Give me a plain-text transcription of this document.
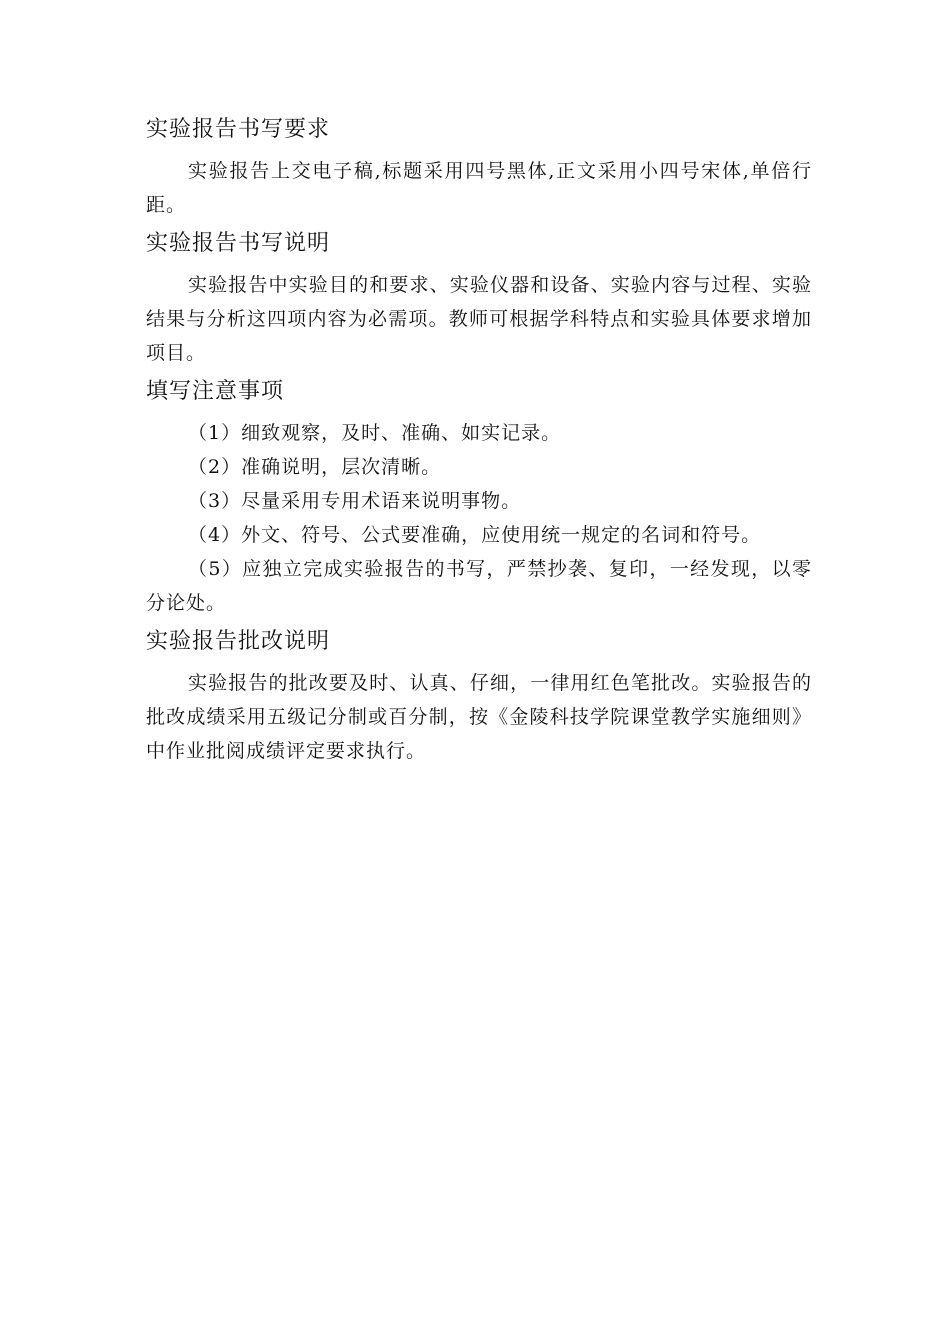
实验报告书写要求

实验报告上交电子稿,标题采用四号黑体,正文采用小四号宋体,单倍行距。

实验报告书写说明

实验报告中实验目的和要求、实验仪器和设备、实验内容与过程、实验结果与分析这四项内容为必需项。教师可根据学科特点和实验具体要求增加项目。

填写注意事项
（1）细致观察，及时、准确、如实记录。
（2）准确说明，层次清晰。
（3）尽量采用专用术语来说明事物。
（4）外文、符号、公式要准确，应使用统一规定的名词和符号。
（5）应独立完成实验报告的书写，严禁抄袭、复印，一经发现，以零分论处。
实验报告批改说明

实验报告的批改要及时、认真、仔细，一律用红色笔批改。实验报告的批改成绩采用五级记分制或百分制，按《金陵科技学院课堂教学实施细则》中作业批阅成绩评定要求执行。
